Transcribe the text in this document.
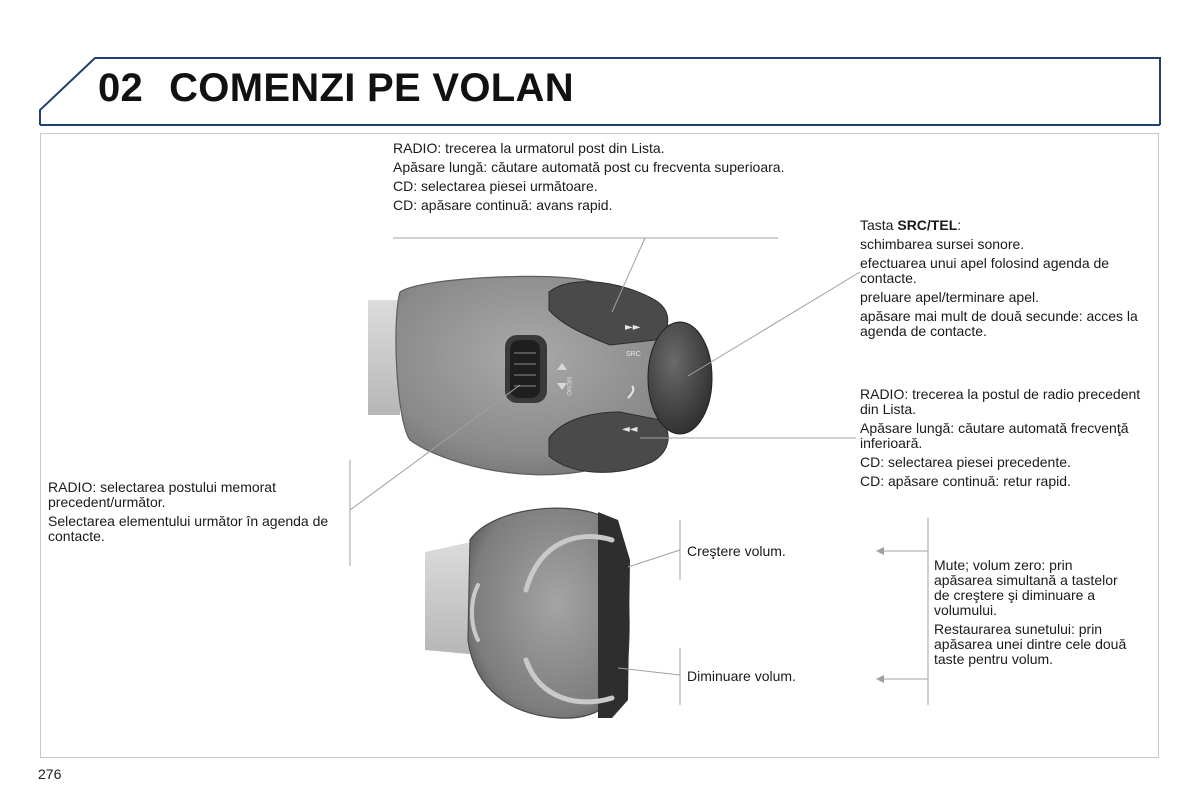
02 COMENZI PE VOLAN
MEMO
►►
◄◄
SRC

RADIO: trecerea la urmatorul post din Lista.

Apăsare lungă: căutare automată post cu frecventa superioara.

CD: selectarea piesei următoare.

CD: apăsare continuă: avans rapid.

Tasta SRC/TEL:

schimbarea sursei sonore.

efectuarea unui apel folosind agenda de contacte.

preluare apel/terminare apel.

apăsare mai mult de două secunde: acces la agenda de contacte.

RADIO: trecerea la postul de radio precedent din Lista.

Apăsare lungă: căutare automată frecvenţă inferioară.

CD: selectarea piesei precedente.

CD: apăsare continuă: retur rapid.

RADIO: selectarea postului memorat precedent/următor.

Selectarea elementului următor în agenda de contacte.

Creştere volum.
Diminuare volum.

Mute; volum zero: prin apăsarea simultană a tastelor de creştere şi diminuare a volumului.

Restaurarea sunetului: prin apăsarea unei dintre cele două taste pentru volum.

276
